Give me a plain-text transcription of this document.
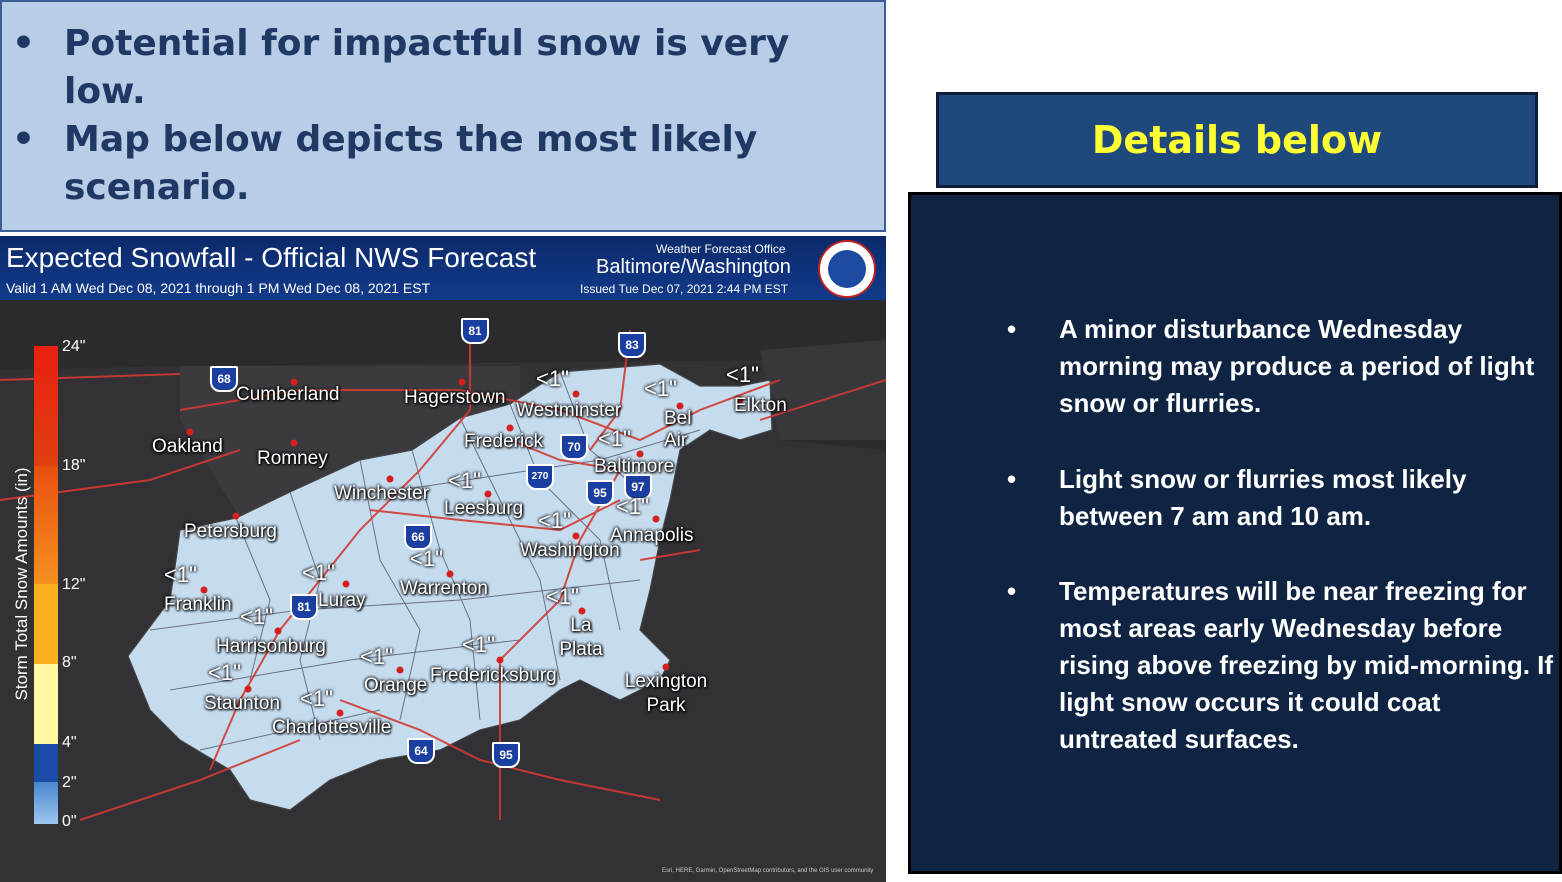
• Potential for impactful snow is very low.
• Map below depicts the most likely scenario.
Expected Snowfall - Official NWS Forecast
Valid 1 AM Wed Dec 08, 2021 through 1 PM Wed Dec 08, 2021 EST
Weather Forecast Office
Baltimore/Washington
Issued Tue Dec 07, 2021 2:44 PM EST
24"
18"
12"
8"
4"
2"
0"
Storm Total Snow Amounts (in)
81
83
68
70
270
95	97
66
81
64	95
Cumberland	Hagerstown
Westminster	Elkton
Oakland
Romney
Frederick
Bel Air
Baltimore
Winchester
Leesburg
Annapolis
Washington
Petersburg
Warrenton
Luray
Franklin
La Plata
Harrisonburg
Orange Fredericksburg	Lexington Park
Staunton
Charlottesville
<1"	<1"
<1"
<1"
<1"
<1"
<1"
<1"
<1"
<1"
<1"
<1"
<1"
<1"
<1"
<1"
Esri, HERE, Garmin, OpenStreetMap contributors, and the GIS user community
Details below
• A minor disturbance Wednesday morning may produce a period of light snow or flurries.
• Light snow or flurries most likely between 7 am and 10 am.
• Temperatures will be near freezing for most areas early Wednesday before rising above freezing by mid-morning. If light snow occurs it could coat untreated surfaces.
